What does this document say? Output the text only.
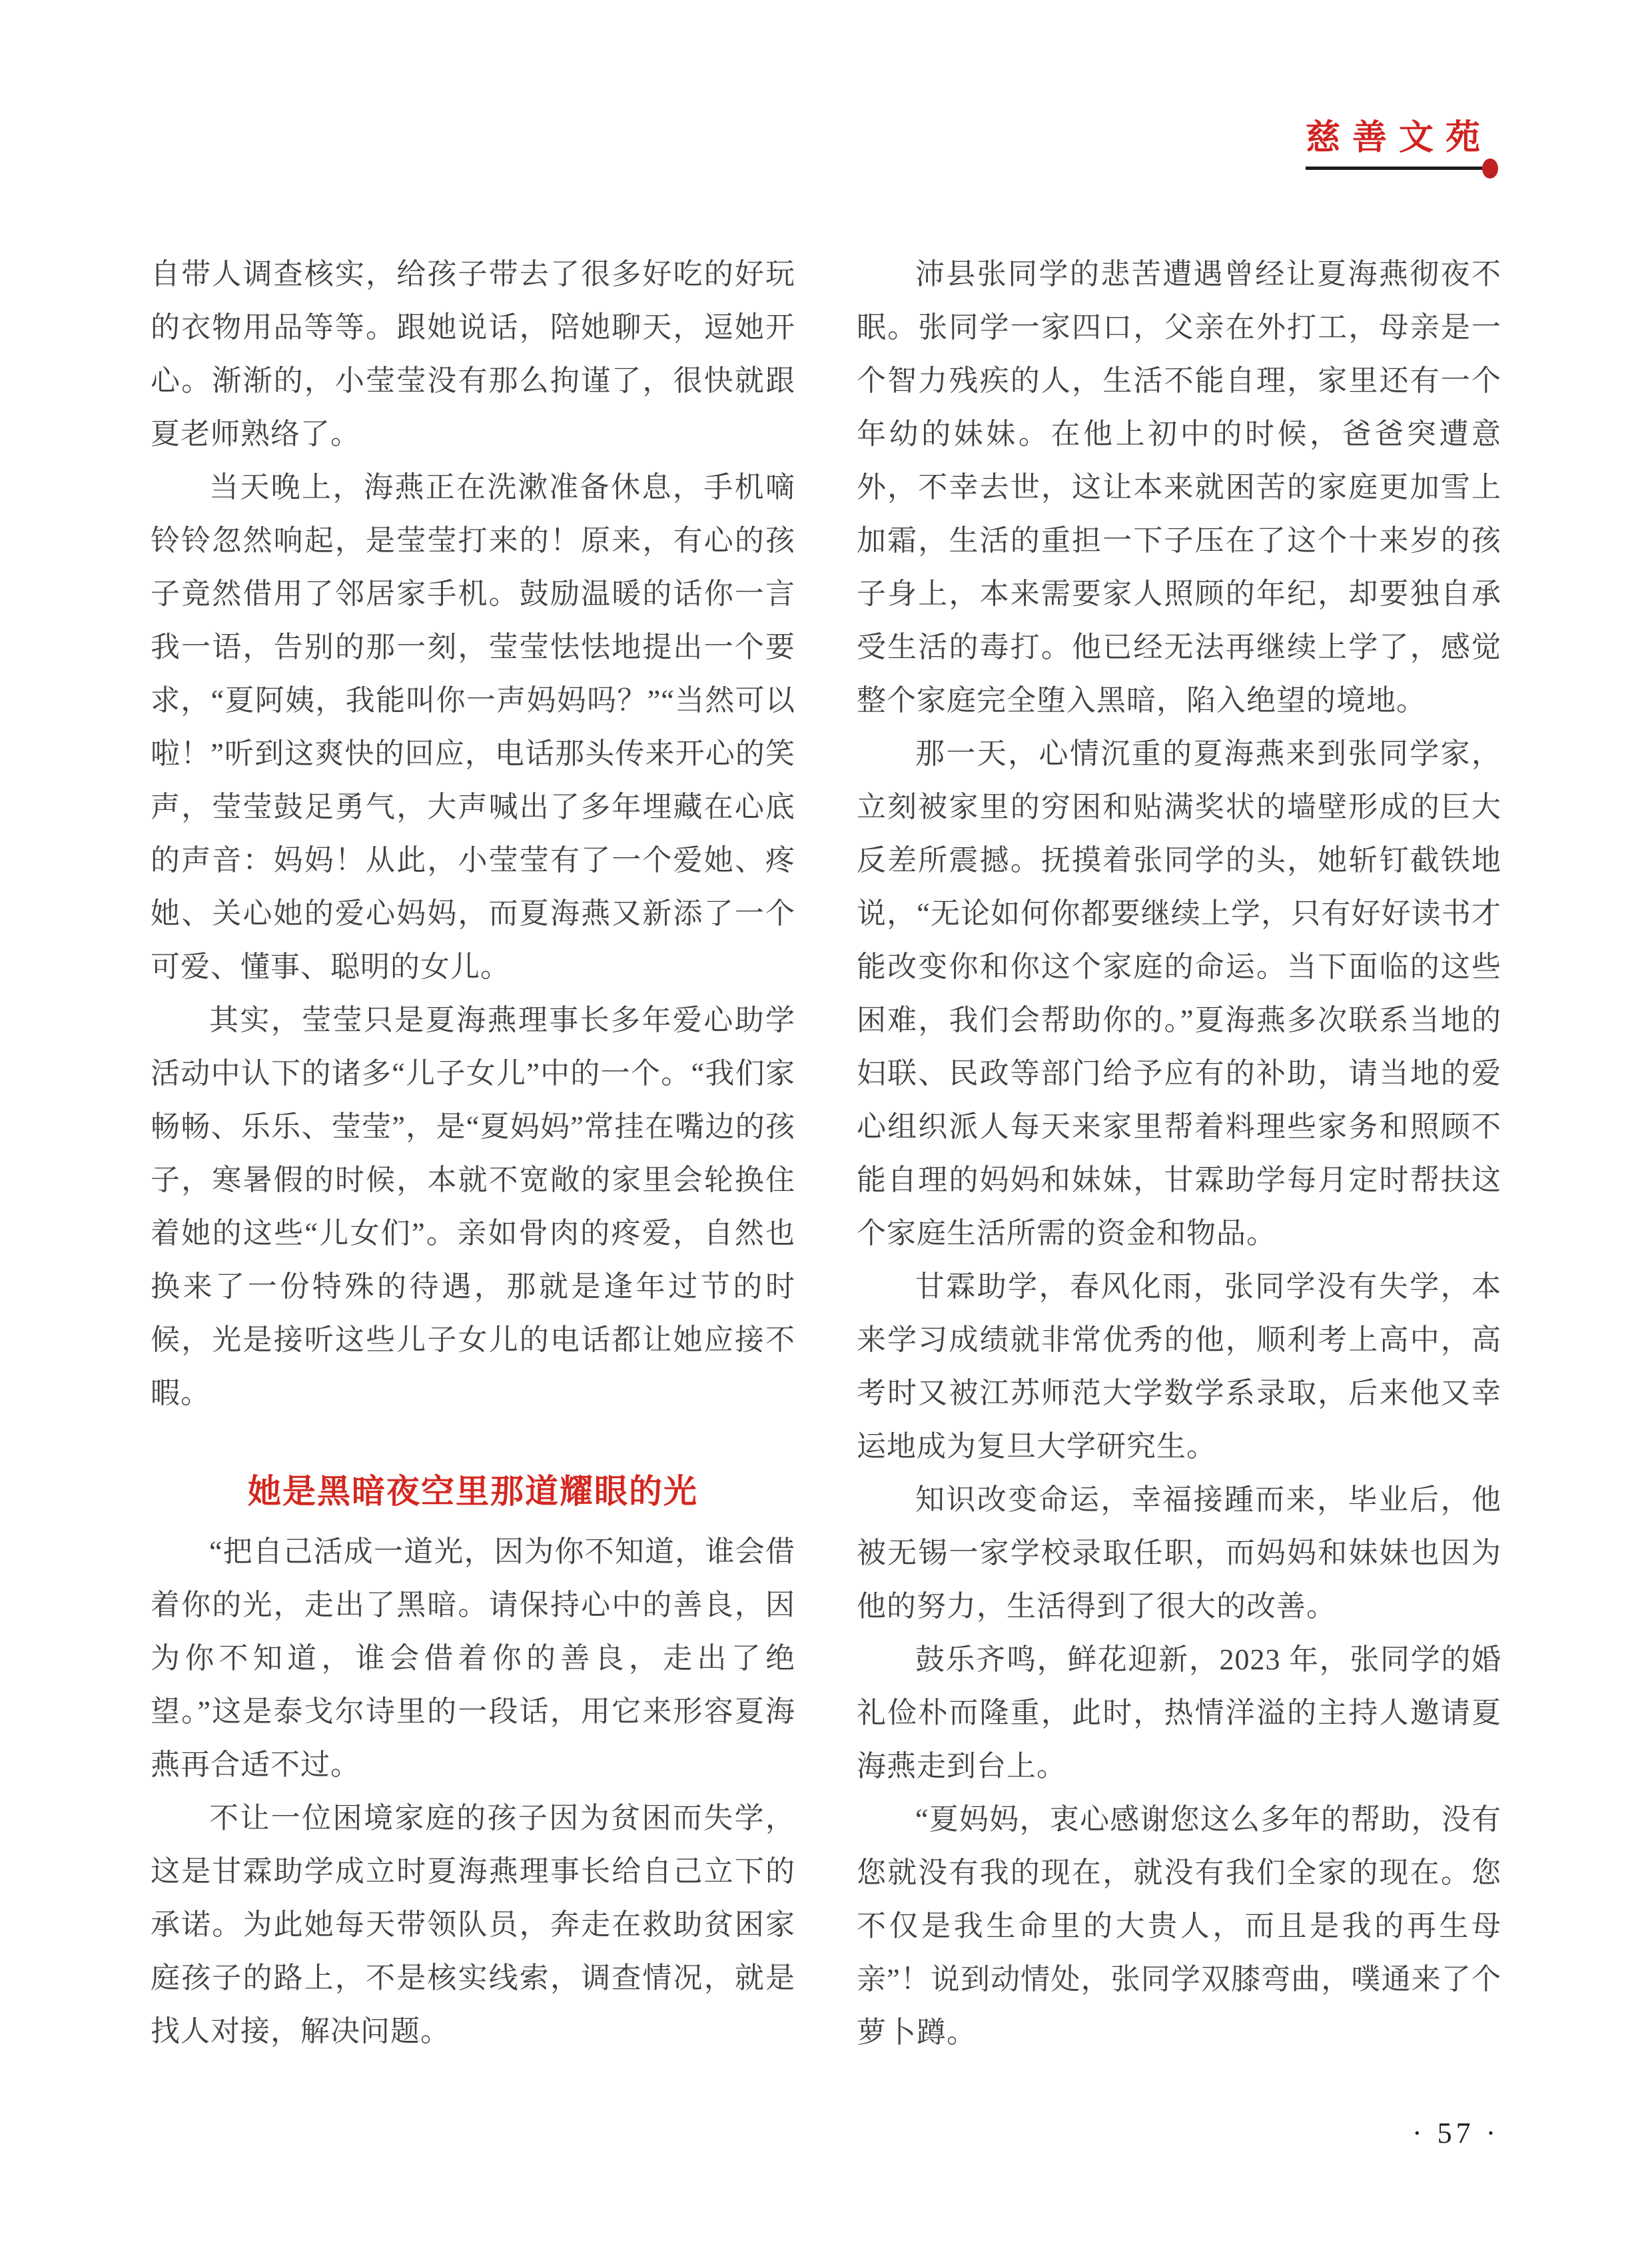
慈善文苑

自带人调查核实，给孩子带去了很多好吃的好玩的衣物用品等等。跟她说话，陪她聊天，逗她开心。渐渐的，小莹莹没有那么拘谨了，很快就跟夏老师熟络了。

当天晚上，海燕正在洗漱准备休息，手机嘀铃铃忽然响起，是莹莹打来的！原来，有心的孩子竟然借用了邻居家手机。鼓励温暖的话你一言我一语，告别的那一刻，莹莹怯怯地提出一个要求，“夏阿姨，我能叫你一声妈妈吗？”“当然可以啦！”听到这爽快的回应，电话那头传来开心的笑声，莹莹鼓足勇气，大声喊出了多年埋藏在心底的声音：妈妈！从此，小莹莹有了一个爱她、疼她、关心她的爱心妈妈，而夏海燕又新添了一个可爱、懂事、聪明的女儿。

其实，莹莹只是夏海燕理事长多年爱心助学活动中认下的诸多“儿子女儿”中的一个。“我们家畅畅、乐乐、莹莹”，是“夏妈妈”常挂在嘴边的孩子，寒暑假的时候，本就不宽敞的家里会轮换住着她的这些“儿女们”。亲如骨肉的疼爱，自然也换来了一份特殊的待遇，那就是逢年过节的时候，光是接听这些儿子女儿的电话都让她应接不暇。

她是黑暗夜空里那道耀眼的光

“把自己活成一道光，因为你不知道，谁会借着你的光，走出了黑暗。请保持心中的善良，因为你不知道，谁会借着你的善良，走出了绝望。”这是泰戈尔诗里的一段话，用它来形容夏海燕再合适不过。

不让一位困境家庭的孩子因为贫困而失学，这是甘霖助学成立时夏海燕理事长给自己立下的承诺。为此她每天带领队员，奔走在救助贫困家庭孩子的路上，不是核实线索，调查情况，就是找人对接，解决问题。

沛县张同学的悲苦遭遇曾经让夏海燕彻夜不眠。张同学一家四口，父亲在外打工，母亲是一个智力残疾的人，生活不能自理，家里还有一个年幼的妹妹。在他上初中的时候，爸爸突遭意外，不幸去世，这让本来就困苦的家庭更加雪上加霜，生活的重担一下子压在了这个十来岁的孩子身上，本来需要家人照顾的年纪，却要独自承受生活的毒打。他已经无法再继续上学了，感觉整个家庭完全堕入黑暗，陷入绝望的境地。

那一天，心情沉重的夏海燕来到张同学家，立刻被家里的穷困和贴满奖状的墙壁形成的巨大反差所震撼。抚摸着张同学的头，她斩钉截铁地说，“无论如何你都要继续上学，只有好好读书才能改变你和你这个家庭的命运。当下面临的这些困难，我们会帮助你的。”夏海燕多次联系当地的妇联、民政等部门给予应有的补助，请当地的爱心组织派人每天来家里帮着料理些家务和照顾不能自理的妈妈和妹妹，甘霖助学每月定时帮扶这个家庭生活所需的资金和物品。

甘霖助学，春风化雨，张同学没有失学，本来学习成绩就非常优秀的他，顺利考上高中，高考时又被江苏师范大学数学系录取，后来他又幸运地成为复旦大学研究生。

知识改变命运，幸福接踵而来，毕业后，他被无锡一家学校录取任职，而妈妈和妹妹也因为他的努力，生活得到了很大的改善。

鼓乐齐鸣，鲜花迎新，2023 年，张同学的婚礼俭朴而隆重，此时，热情洋溢的主持人邀请夏海燕走到台上。

“夏妈妈，衷心感谢您这么多年的帮助，没有您就没有我的现在，就没有我们全家的现在。您不仅是我生命里的大贵人，而且是我的再生母亲”！说到动情处，张同学双膝弯曲，噗通来了个萝卜蹲。

· 57 ·
